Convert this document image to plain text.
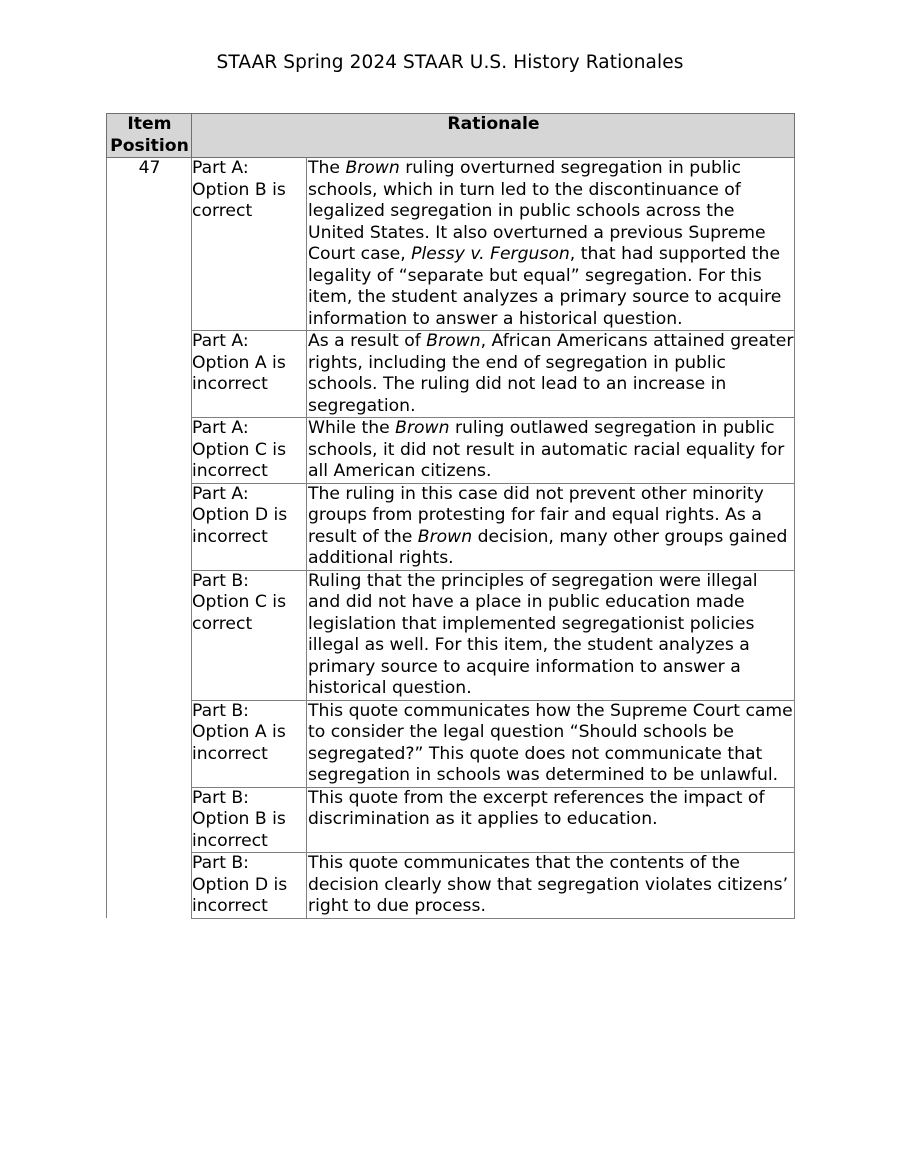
STAAR Spring 2024 STAAR U.S. History Rationales
Item Position	Rationale	
47	Part A: Option B is correct	The Brown ruling overturned segregation in public schools, which in turn led to the discontinuance of legalized segregation in public schools across the United States. It also overturned a previous Supreme Court case, Plessy v. Ferguson, that had supported the legality of “separate but equal” segregation. For this item, the student analyzes a primary source to acquire information to answer a historical question.
	Part A: Option A is incorrect	As a result of Brown, African Americans attained greater rights, including the end of segregation in public schools. The ruling did not lead to an increase in segregation.
	Part A: Option C is incorrect	While the Brown ruling outlawed segregation in public schools, it did not result in automatic racial equality for all American citizens.
	Part A: Option D is incorrect	The ruling in this case did not prevent other minority groups from protesting for fair and equal rights. As a result of the Brown decision, many other groups gained additional rights.
	Part B: Option C is correct	Ruling that the principles of segregation were illegal and did not have a place in public education made legislation that implemented segregationist policies illegal as well. For this item, the student analyzes a primary source to acquire information to answer a historical question.
	Part B: Option A is incorrect	This quote communicates how the Supreme Court came to consider the legal question “Should schools be segregated?” This quote does not communicate that segregation in schools was determined to be unlawful.
	Part B: Option B is incorrect	This quote from the excerpt references the impact of discrimination as it applies to education.
	Part B: Option D is incorrect	This quote communicates that the contents of the decision clearly show that segregation violates citizens’ right to due process.
